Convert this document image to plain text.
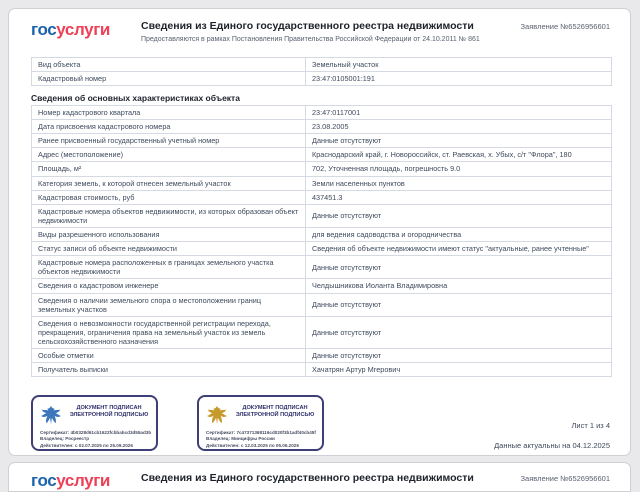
госуслуги	Сведения из Единого государственного реестра недвижимости
Предоставляются в рамках Постановления Правительства Российской Федерации от 24.10.2011 № 861
Заявление №6526956601
Вид объекта	Земельный участок
Кадастровый номер	23:47:0105001:191
Сведения об основных характеристиках объекта
Номер кадастрового квартала	23:47:0117001
Дата присвоения кадастрового номера	23.08.2005
Ранее присвоенный государственный учетный номер	Данные отсутствуют
Адрес (местоположение)	Краснодарский край, г. Новороссийск, ст. Раевская, х. Убых, с/т "Флора", 180
Площадь, м²	702, Уточненная площадь, погрешность 9.0
Категория земель, к которой отнесен земельный участок	Земли населенных пунктов
Кадастровая стоимость, руб	437451.3
Кадастровые номера объектов недвижимости, из которых образован объект недвижимости	Данные отсутствуют
Виды разрешенного использования	для ведения садоводства и огородничества
Статус записи об объекте недвижимости	Сведения об объекте недвижимости имеют статус "актуальные, ранее учтенные"
Кадастровые номера расположенных в границах земельного участка объектов недвижимости	Данные отсутствуют
Сведения о кадастровом инженере	Челдышникова Иоланта Владимировна
Сведения о наличии земельного спора о местоположении границ земельных участков	Данные отсутствуют
Сведения о невозможности государственной регистрации перехода, прекращения, ограничения права на земельный участок из земель сельскохозяйственного назначения	Данные отсутствуют
Особые отметки	Данные отсутствуют
Получатель выписки	Хачатрян Артур Мгерович
ДОКУМЕНТ ПОДПИСАН ЭЛЕКТРОННОЙ ПОДПИСЬЮ
Сертификат: 4b0328d61cb1622fcbbabcd3d55ad3b
Владелец: Росреестр
Действителен: с 02.07.2025 по 25.09.2026
ДОКУМЕНТ ПОДПИСАН ЭЛЕКТРОННОЙ ПОДПИСЬЮ
Сертификат: 7c47371368116cd020f3b1adf40cb45f
Владелец: Минцифры России
Действителен: с 12.03.2025 по 05.06.2026
Лист 1 из 4
Данные актуальны на 04.12.2025
госуслуги	Сведения из Единого государственного реестра недвижимости	Заявление №6526956601
